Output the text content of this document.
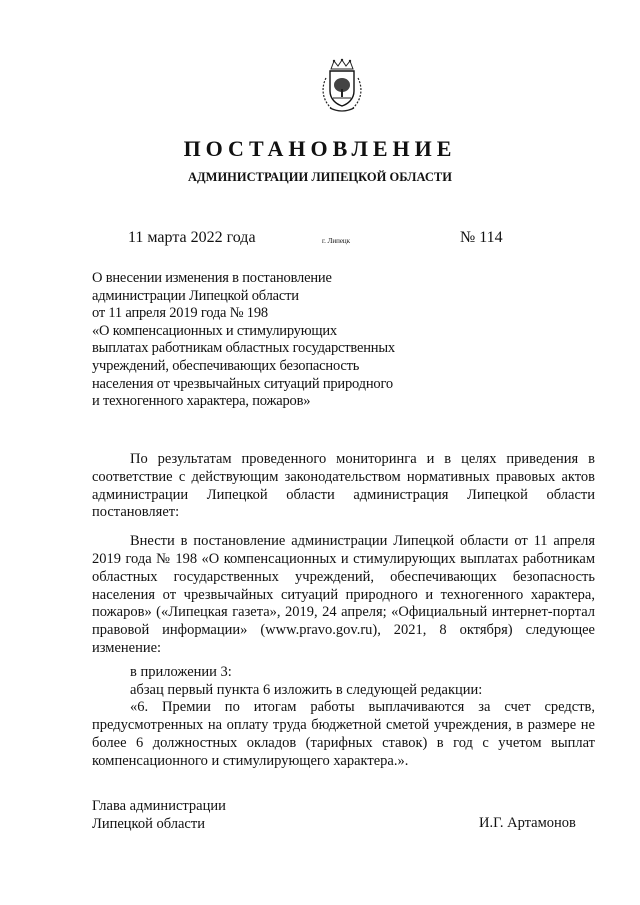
ПОСТАНОВЛЕНИЕ
АДМИНИСТРАЦИИ ЛИПЕЦКОЙ ОБЛАСТИ
11 марта 2022 года	г. Липецк	№ 114
О внесении изменения в постановление
администрации Липецкой области
от 11 апреля 2019 года № 198
«О компенсационных и стимулирующих
выплатах работникам областных государственных
учреждений, обеспечивающих безопасность
населения от чрезвычайных ситуаций природного
и техногенного характера, пожаров»

По результатам проведенного мониторинга и в целях приведения в соответствие с действующим законодательством нормативных правовых актов администрации Липецкой области администрация Липецкой области постановляет:

Внести в постановление администрации Липецкой области от 11 апреля 2019 года № 198 «О компенсационных и стимулирующих выплатах работникам областных государственных учреждений, обеспечивающих безопасность населения от чрезвычайных ситуаций природного и техногенного характера, пожаров» («Липецкая газета», 2019, 24 апреля; «Официальный интернет-портал правовой информации» (www.pravo.gov.ru), 2021, 8 октября) следующее изменение:

в приложении 3:

абзац первый пункта 6 изложить в следующей редакции:

«6. Премии по итогам работы выплачиваются за счет средств, предусмотренных на оплату труда бюджетной сметой учреждения, в размере не более 6 должностных окладов (тарифных ставок) в год с учетом выплат компенсационного и стимулирующего характера.».

Глава администрации
Липецкой области	И.Г. Артамонов
